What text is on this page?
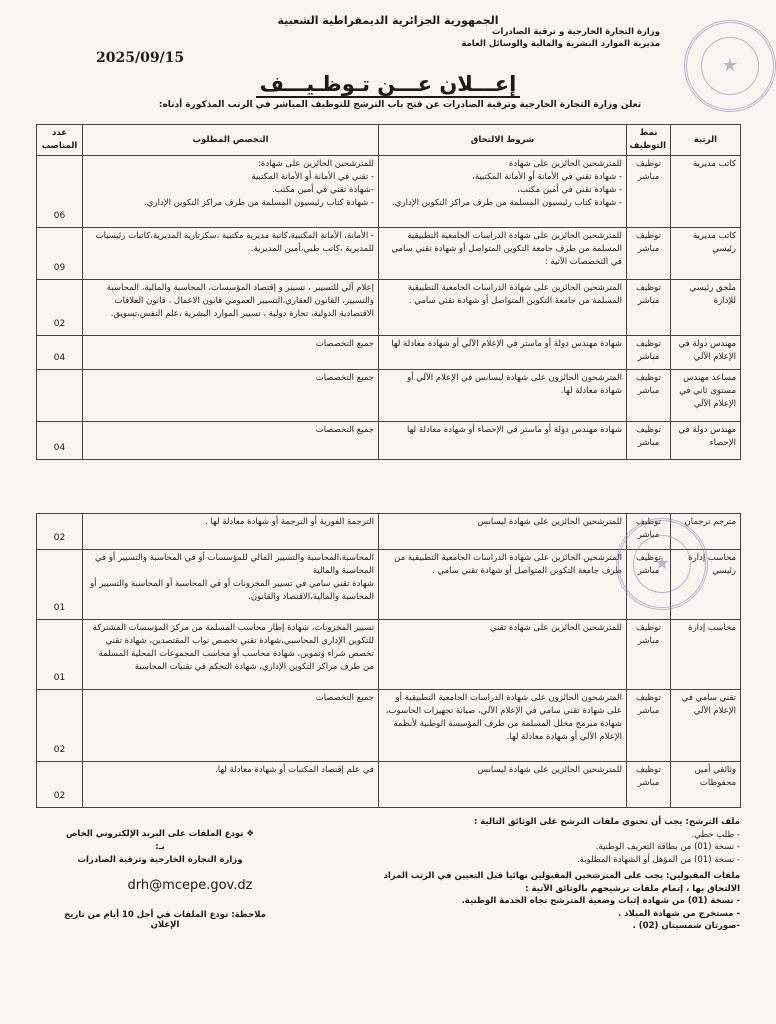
الجمهورية الجزائرية الديمقراطية الشعبية
2025/09/15
وزارة التجارة الخارجية و ترقية الصادرات
مديرية الموارد البشرية والمالية والوسائل العامة
★
إعـــلان عـــن تـوظـيـــف
تعلن وزارة التجارة الخارجية وترقية الصادرات عن فتح باب الترشح للتوظيف المباشر في الرتب المذكورة أدناه:
الرتبة	نمط التوظيف	شروط الالتحاق	التخصص المطلوب	عدد المناصب
كاتب مديرية	توظيف مباشر	للمترشحين الحائزين على شهادة
- شهادة تقني في الأمانة أو الأمانة المكتبية،
- شهادة تقني في أمين مكتب،
- شهادة كتاب رئيسيون المسلمة من طرف مراكز التكوين الإداري.	للمترشحين الحائزين على شهادة:
- تقني في الأمانة أو الأمانة المكتبية
-شهادة تقني في أمين مكتب.
- شهادة كتاب رئيسيون المسلمة من طرف مراكز التكوين الإداري.	06
كاتب مديرية رئيسي	توظيف مباشر	للمترشحين الحائزين على شهادة الدراسات الجامعية التطبيقية المسلمة من طرف جامعة التكوين المتواصل أو شهادة تقني سامي في التخصصات الآتية :	- الأمانة، الأمانة المكتبية،كاتبة مديرية مكتبية ،سكرتارية المديرية،كاتبات رئيسيات للمديرية ،كاتب طبي،أمين المديرية.	09
ملحق رئيسي للإدارة	توظيف مباشر	المترشحين الحائزين على شهادة الدراسات الجامعية التطبيقية المسلمة من جامعة التكوين المتواصل أو شهادة تقني سامي .	إعلام آلي للتسيير ، تسيير و إقتصاد المؤسسات، المحاسبة والمالية، المحاسبة والتسيير، القانون العقاري،التسيير العمومي قانون الاعمال ، قانون العلاقات الاقتصادية الدولية، تجارة دولية ، تسيير الموارد البشرية ،علم النفس،تسويق.	02
مهندس دولة في الإعلام الآلي	توظيف مباشر	شهادة مهندس دولة أو ماستر في الإعلام الآلي أو شهادة معادلة لها	جميع التخصصات	04
مساعد مهندس مستوى ثاني في الإعلام الآلي	توظيف مباشر	المترشحون الحائزون على شهادة ليسانس في الإعلام الآلي أو شهادة معادلة لها.	جميع التخصصات	
مهندس دولة في الإحصاء	توظيف مباشر	شهادة مهندس دولة أو ماستر في الإحصاء أو شهادة معادلة لها	جميع التخصصات	04
مترجم ترجمان	توظيف مباشر	للمترشحين الحائزين على شهادة ليسانس	الترجمة الفورية أو الترجمة أو شهادة معادلة لها .	02
محاسب إدارة رئيسي	توظيف مباشر	المترشحين الحائزين على شهادة الدراسات الجامعية التطبيقية من طرف جامعة التكوين المتواصل أو شهادة تقني سامي .	المحاسبة،المحاسبة والتسيير المالي للمؤسسات أو في المحاسبة والتسيير أو في المحاسبة والمالية
شهادة تقني سامي في تسيير المخزونات أو في المحاسبة أو المحاسبة والتسيير أو المحاسبة والمالية،الاقتصاد والقانون.	01
محاسب إدارة	توظيف مباشر	للمترشحين الحائزين على شهادة تقني	تسيير المخزونات، شهادة إطار محاسب المسلمة من مركز المؤسسات المشتركة للتكوين الإداري المحاسبي،شهادة تقني تخصص نواب المقتصدين، شهادة تقني تخصص شراء وتموين، شهادة محاسب أو محاسب المجموعات المحلية المسلمة من طرف مراكز التكوين الإداري، شهادة التحكم في تقنيات المحاسبة	01
تقني سامي في الإعلام الآلي	توظيف مباشر	المترشحون الحائزون على شهادة الدراسات الجامعية التطبيقية أو على شهادة تقني سامي في الإعلام الآلي، صيانة تجهيزات الحاسوب، شهادة مبرمج محلل المسلمة من طرف المؤسسة الوطنية لأنظمة الإعلام الآلي أو شهادة معادلة لها.	جميع التخصصات	02
وثائقي أمين محفوظات	توظيف مباشر	للمترشحين الحائزين على شهادة ليسانس	في علم إقتصاد المكتبات أو شهادة معادلة لها.	02
★
ملف الترشح: يجب أن تحتوي ملفات الترشح على الوثائق التالية :
- طلب خطي.
- نسخة (01) من بطاقة التعريف الوطنية.
- نسخة (01) من المؤهل أو الشهادة المطلوبة.
ملفات المقبولين: يجب على المترشحين المقبولين نهائيا قبل التعيين في الرتب المراد الالتحاق بها ، إتمام ملفات ترشيحهم بالوثائق الآتية :
- نسخة (01) من شهادة إثبات وضعية المترشح تجاه الخدمة الوطنية.
- مستخرج من شهادة الميلاد .
-صورتان شمسيتان (02) .
❖ تودع الملفات على البريد الإلكتروني الخاص بـ:
وزارة التجارة الخارجية وترقية الصادرات
drh@mcepe.gov.dz
ملاحظة: تودع الملفات في أجل 10 أيام من تاريخ الإعلان
